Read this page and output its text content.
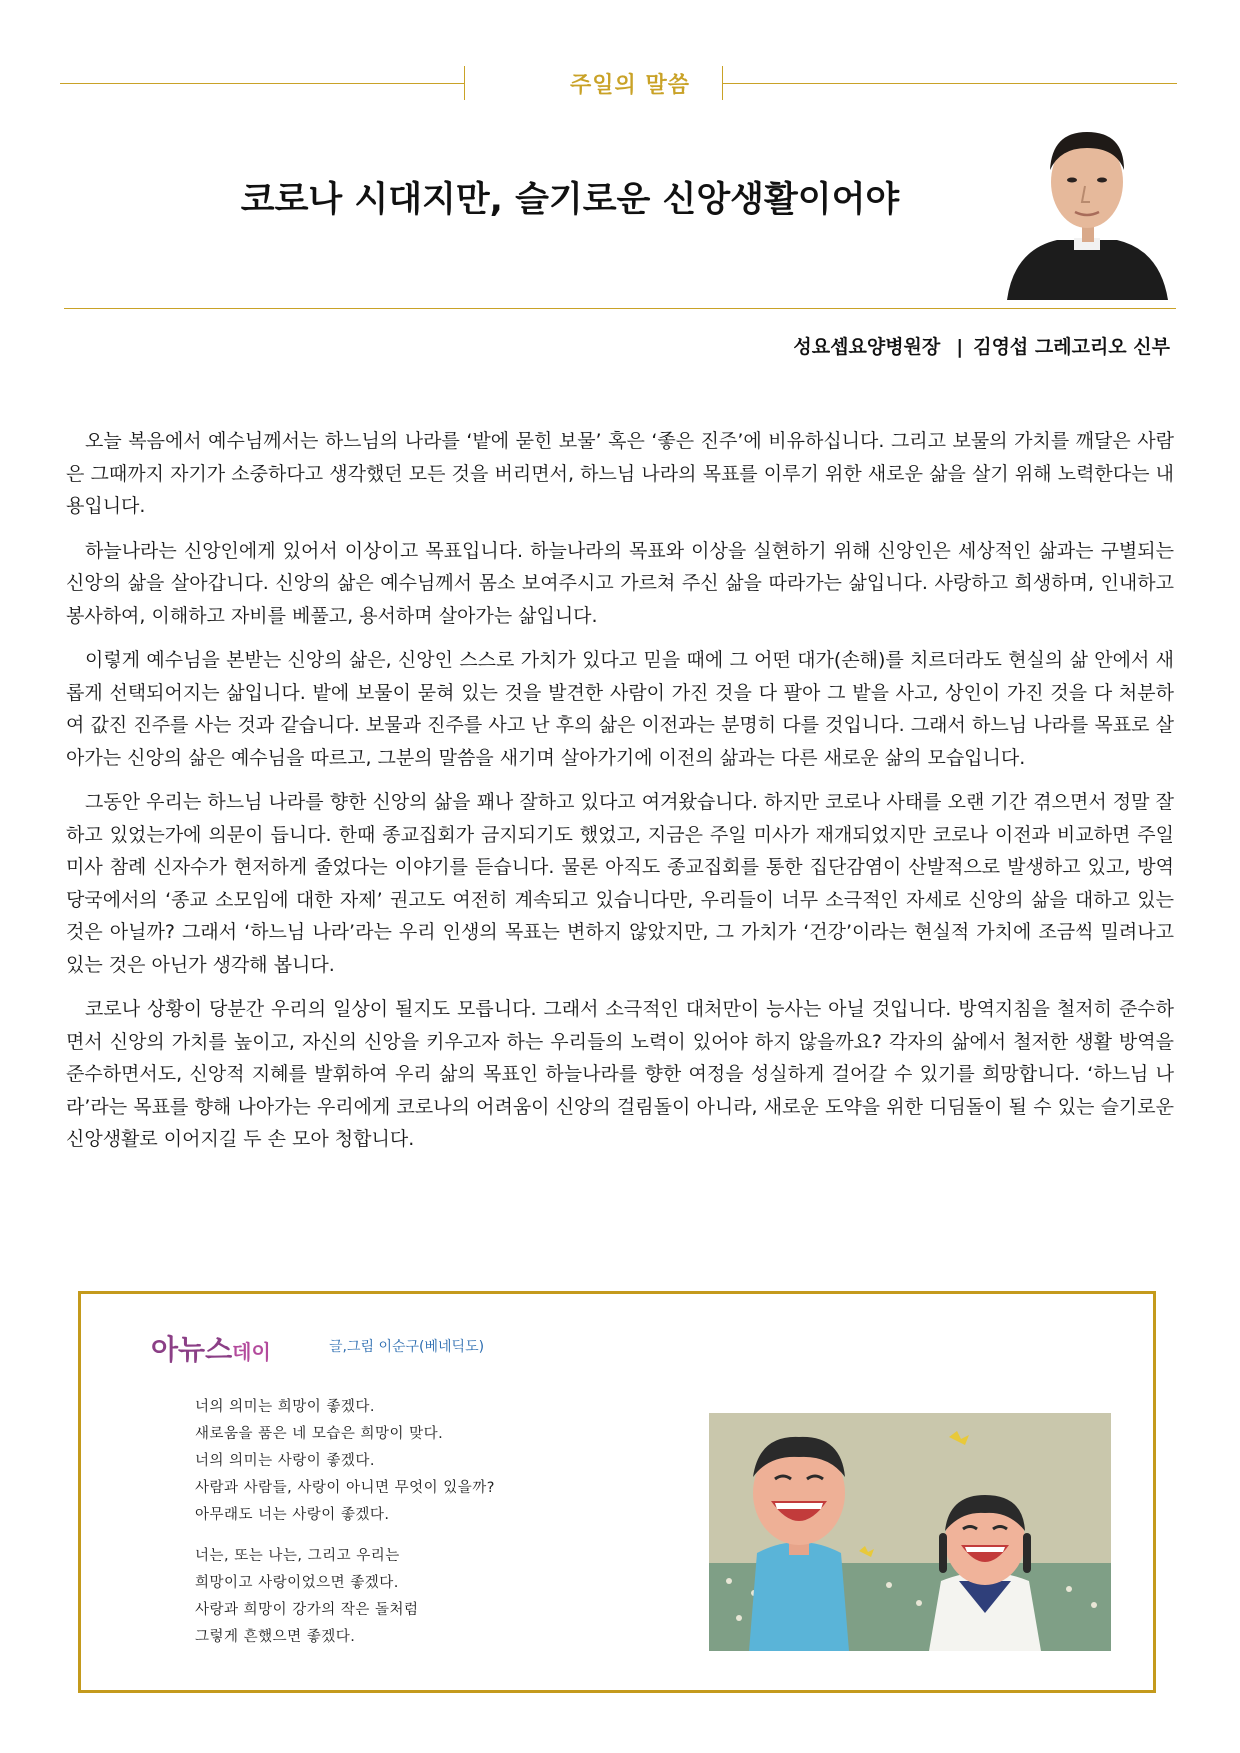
주일의 말씀
코로나 시대지만, 슬기로운 신앙생활이어야
성요셉요양병원장 | 김영섭 그레고리오 신부

오늘 복음에서 예수님께서는 하느님의 나라를 ‘밭에 묻힌 보물’ 혹은 ‘좋은 진주’에 비유하십니다. 그리고 보물의 가치를 깨달은 사람은 그때까지 자기가 소중하다고 생각했던 모든 것을 버리면서, 하느님 나라의 목표를 이루기 위한 새로운 삶을 살기 위해 노력한다는 내용입니다.

하늘나라는 신앙인에게 있어서 이상이고 목표입니다. 하늘나라의 목표와 이상을 실현하기 위해 신앙인은 세상적인 삶과는 구별되는 신앙의 삶을 살아갑니다. 신앙의 삶은 예수님께서 몸소 보여주시고 가르쳐 주신 삶을 따라가는 삶입니다. 사랑하고 희생하며, 인내하고 봉사하여, 이해하고 자비를 베풀고, 용서하며 살아가는 삶입니다.

이렇게 예수님을 본받는 신앙의 삶은, 신앙인 스스로 가치가 있다고 믿을 때에 그 어떤 대가(손해)를 치르더라도 현실의 삶 안에서 새롭게 선택되어지는 삶입니다. 밭에 보물이 묻혀 있는 것을 발견한 사람이 가진 것을 다 팔아 그 밭을 사고, 상인이 가진 것을 다 처분하여 값진 진주를 사는 것과 같습니다. 보물과 진주를 사고 난 후의 삶은 이전과는 분명히 다를 것입니다. 그래서 하느님 나라를 목표로 살아가는 신앙의 삶은 예수님을 따르고, 그분의 말씀을 새기며 살아가기에 이전의 삶과는 다른 새로운 삶의 모습입니다.

그동안 우리는 하느님 나라를 향한 신앙의 삶을 꽤나 잘하고 있다고 여겨왔습니다. 하지만 코로나 사태를 오랜 기간 겪으면서 정말 잘하고 있었는가에 의문이 듭니다. 한때 종교집회가 금지되기도 했었고, 지금은 주일 미사가 재개되었지만 코로나 이전과 비교하면 주일 미사 참례 신자수가 현저하게 줄었다는 이야기를 듣습니다. 물론 아직도 종교집회를 통한 집단감염이 산발적으로 발생하고 있고, 방역당국에서의 ‘종교 소모임에 대한 자제’ 권고도 여전히 계속되고 있습니다만, 우리들이 너무 소극적인 자세로 신앙의 삶을 대하고 있는 것은 아닐까? 그래서 ‘하느님 나라’라는 우리 인생의 목표는 변하지 않았지만, 그 가치가 ‘건강’이라는 현실적 가치에 조금씩 밀려나고 있는 것은 아닌가 생각해 봅니다.

코로나 상황이 당분간 우리의 일상이 될지도 모릅니다. 그래서 소극적인 대처만이 능사는 아닐 것입니다. 방역지침을 철저히 준수하면서 신앙의 가치를 높이고, 자신의 신앙을 키우고자 하는 우리들의 노력이 있어야 하지 않을까요? 각자의 삶에서 철저한 생활 방역을 준수하면서도, 신앙적 지혜를 발휘하여 우리 삶의 목표인 하늘나라를 향한 여정을 성실하게 걸어갈 수 있기를 희망합니다. ‘하느님 나라’라는 목표를 향해 나아가는 우리에게 코로나의 어려움이 신앙의 걸림돌이 아니라, 새로운 도약을 위한 디딤돌이 될 수 있는 슬기로운 신앙생활로 이어지길 두 손 모아 청합니다.

아뉴스데이	글,그림 이순구(베네딕도)
너의 의미는 희망이 좋겠다.
새로움을 품은 네 모습은 희망이 맞다.
너의 의미는 사랑이 좋겠다.
사람과 사람들, 사랑이 아니면 무엇이 있을까?
아무래도 너는 사랑이 좋겠다.
너는, 또는 나는, 그리고 우리는
희망이고 사랑이었으면 좋겠다.
사랑과 희망이 강가의 작은 돌처럼
그렇게 흔했으면 좋겠다.
